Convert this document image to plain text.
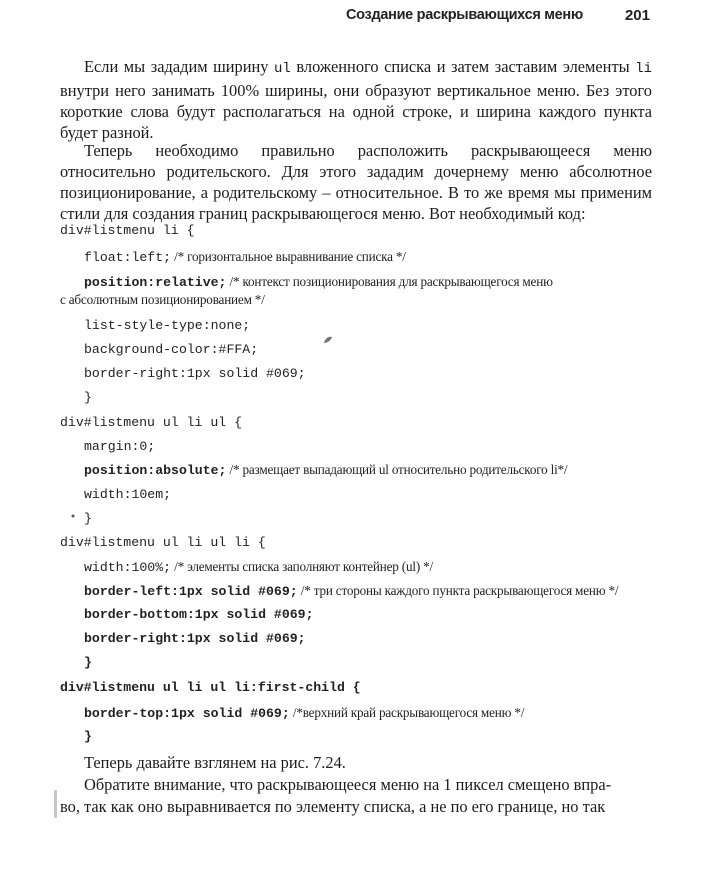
Создание раскрывающихся меню	201

Если мы зададим ширину ul вложенного списка и затем заставим элементы li внутри него занимать 100% ширины, они образуют вертикальное меню. Без этого короткие слова будут располагаться на одной строке, и ширина каждого пункта будет разной.

Теперь необходимо правильно расположить раскрывающееся меню относительно родительского. Для этого зададим дочернему меню абсолютное позиционирование, а родительскому – относительное. В то же время мы применим стили для создания границ раскрывающегося меню. Вот необходимый код:

div#listmenu li {
float:left; /* горизонтальное выравнивание списка */
position:relative; /* контекст позиционирования для раскрывающегося меню
с абсолютным позиционированием */
list-style-type:none;
background-color:#FFA;
border-right:1px solid #069;
}
div#listmenu ul li ul {
margin:0;
position:absolute; /* размещает выпадающий ul относительно родительского li*/
width:10em;
}
div#listmenu ul li ul li {
width:100%; /* элементы списка заполняют контейнер (ul) */
border-left:1px solid #069; /* три стороны каждого пункта раскрывающегося меню */
border-bottom:1px solid #069;
border-right:1px solid #069;
}
div#listmenu ul li ul li:first-child {
border-top:1px solid #069; /*верхний край раскрывающегося меню */
}

Теперь давайте взглянем на рис. 7.24.

Обратите внимание, что раскрывающееся меню на 1 пиксел смещено впра-

во, так как оно выравнивается по элементу списка, а не по его границе, но так
